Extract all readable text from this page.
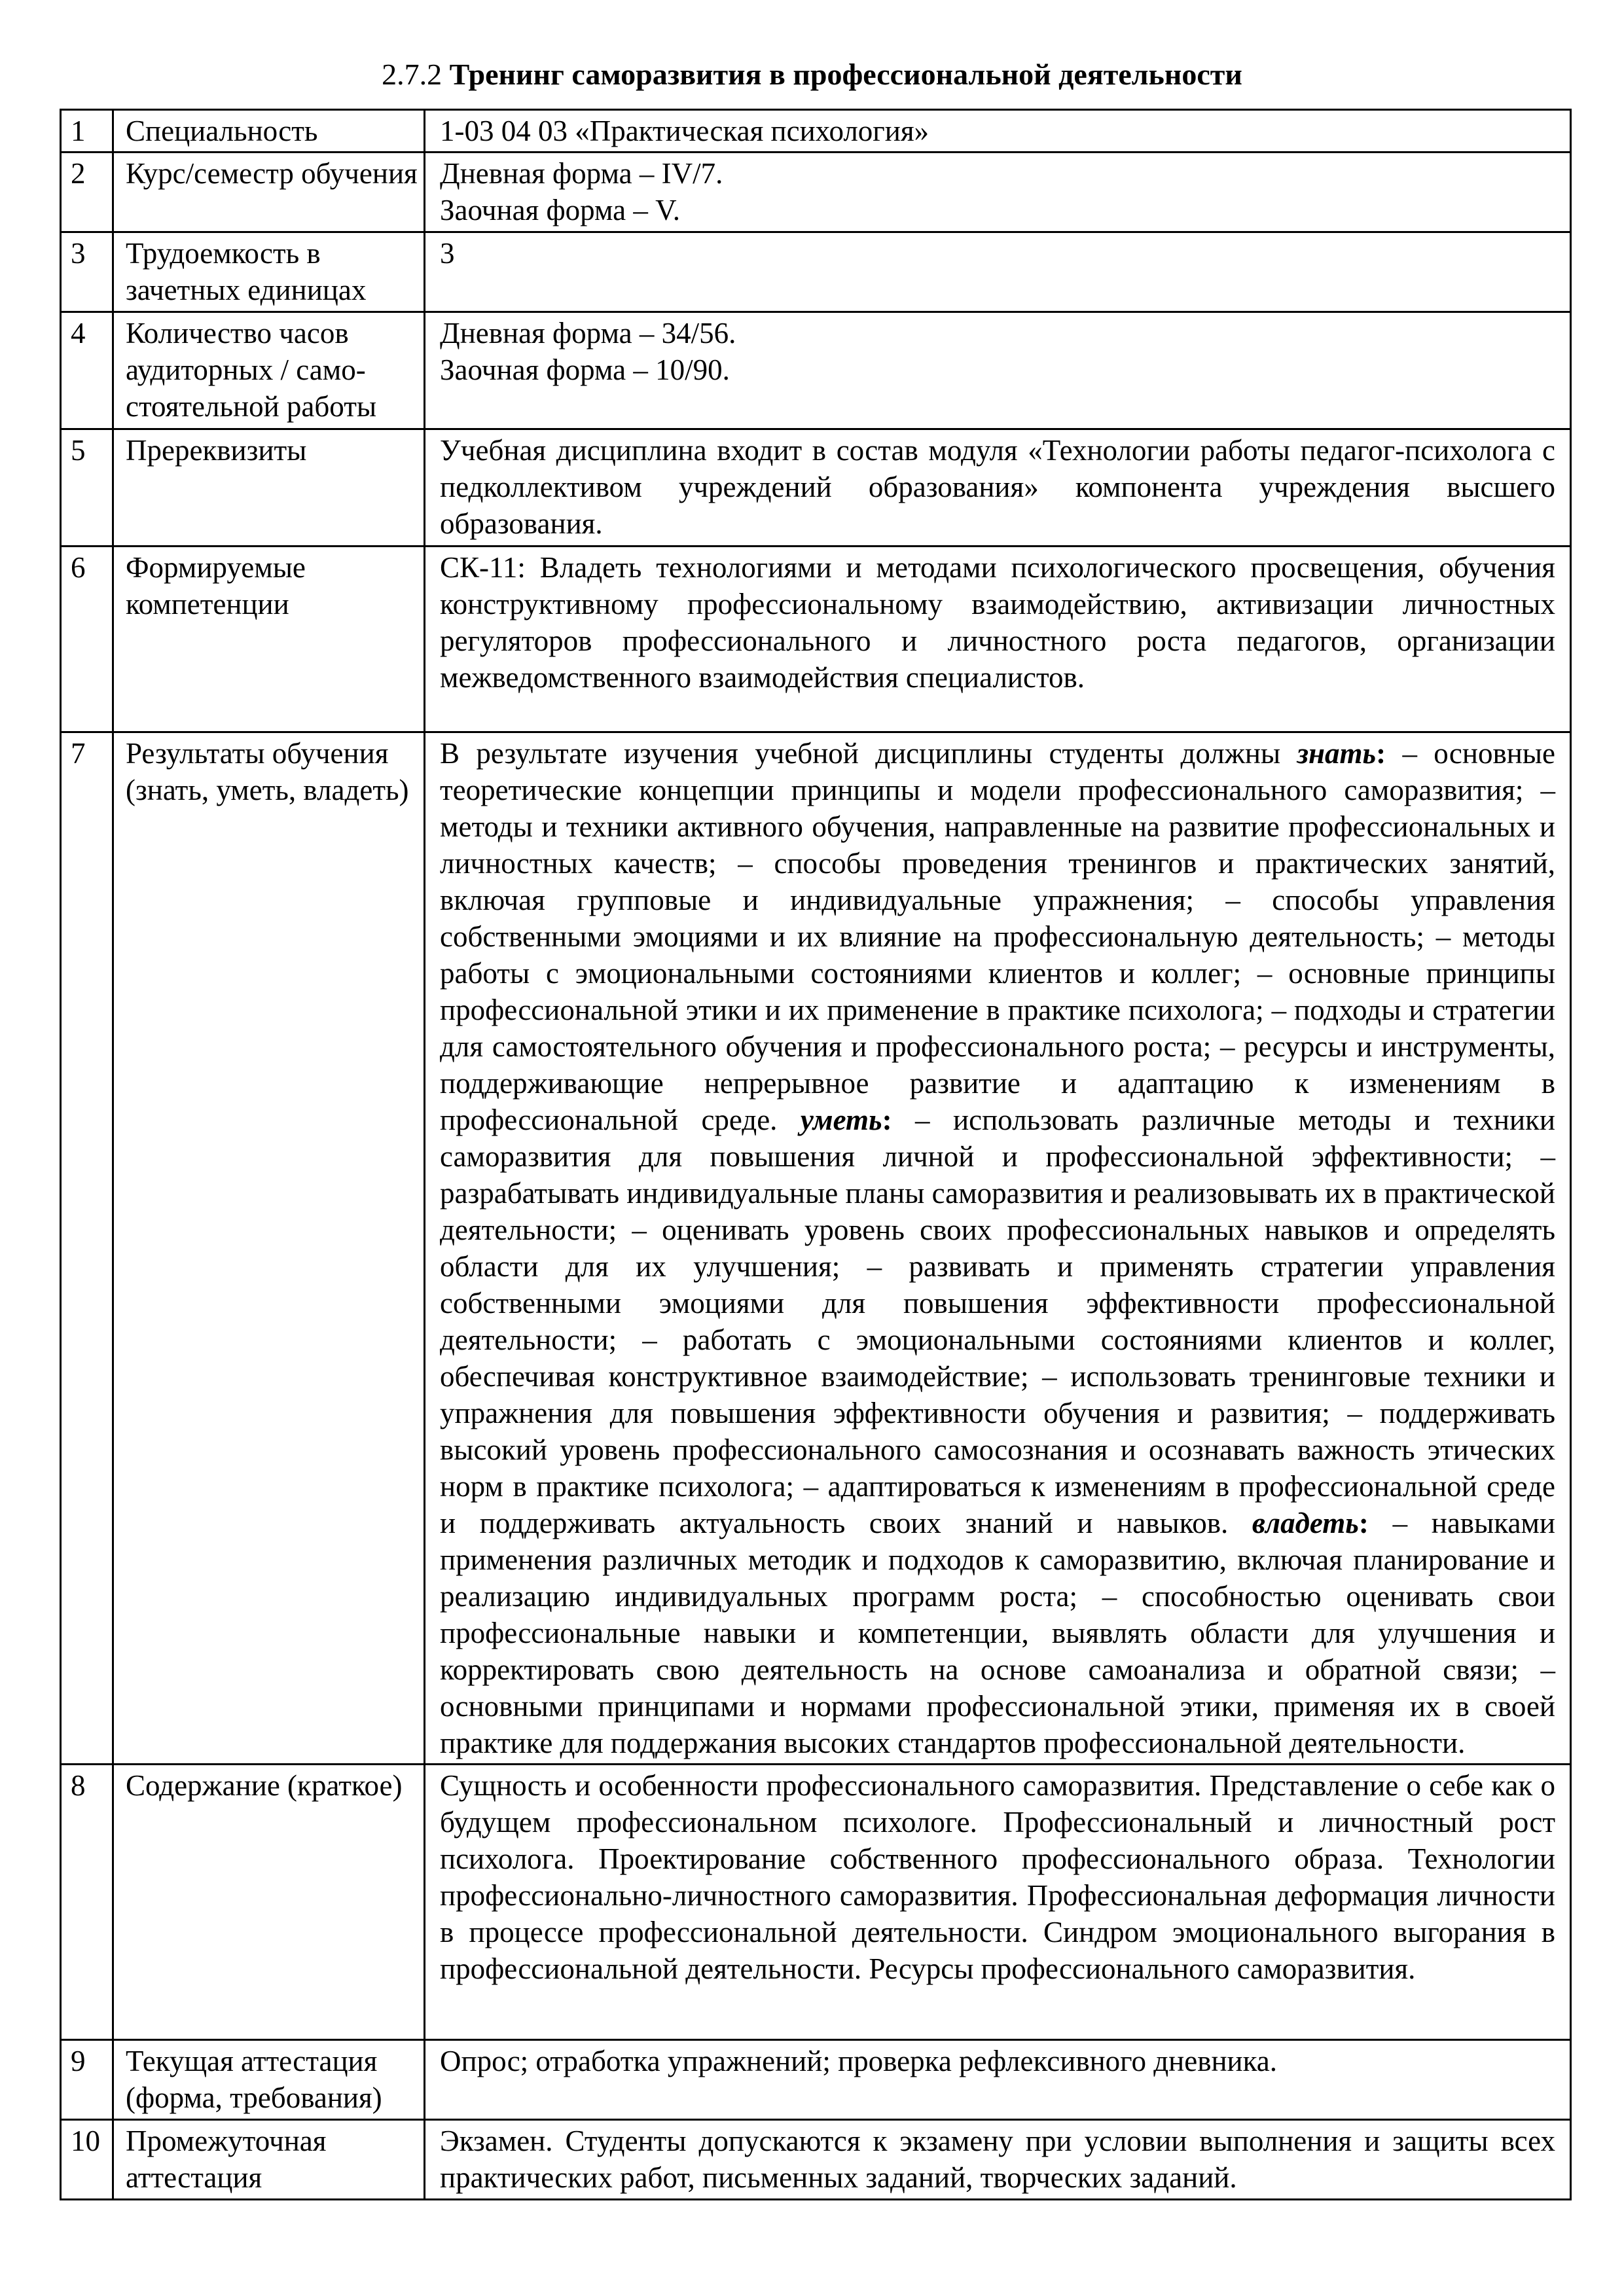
2.7.2 Тренинг саморазвития в профессиональной деятельности
1	Специальность	1-03 04 03 «Практическая психология»

2	Курс/семестр обучения	Дневная форма – IV/7.
Заочная форма – V.

3	Трудоемкость в зачетных единицах	3

4	Количество часов аудиторных / само-стоятельной работы	Дневная форма – 34/56.
Заочная форма – 10/90.

5	Пререквизиты	Учебная дисциплина входит в состав модуля «Технологии работы педагог-психолога с педколлективом учреждений образования» компонента учреждения высшего образования.
6	Формируемые компетенции	СК-11: Владеть технологиями и методами психологического просвещения, обучения конструктивному профессиональному взаимодействию, активизации личностных регуляторов профессионального и личностного роста педагогов, организации межведомственного взаимодействия специалистов.
7	Результаты обучения (знать, уметь, владеть)	В результате изучения учебной дисциплины студенты должны знать: – основные теоретические концепции принципы и модели профессионального саморазвития; – методы и техники активного обучения, направленные на развитие профессиональных и личностных качеств; – способы проведения тренингов и практических занятий, включая групповые и индивидуальные упражнения; – способы управления собственными эмоциями и их влияние на профессиональную деятельность; – методы работы с эмоциональными состояниями клиентов и коллег; – основные принципы профессиональной этики и их применение в практике психолога; – подходы и стратегии для самостоятельного обучения и профессионального роста; – ресурсы и инструменты, поддерживающие непрерывное развитие и адаптацию к изменениям в профессиональной среде. уметь: – использовать различные методы и техники саморазвития для повышения личной и профессиональной эффективности; – разрабатывать индивидуальные планы саморазвития и реализовывать их в практической деятельности; – оценивать уровень своих профессиональных навыков и определять области для их улучшения; – развивать и применять стратегии управления собственными эмоциями для повышения эффективности профессиональной деятельности; – работать с эмоциональными состояниями клиентов и коллег, обеспечивая конструктивное взаимодействие; – использовать тренинговые техники и упражнения для повышения эффективности обучения и развития; – поддерживать высокий уровень профессионального самосознания и осознавать важность этических норм в практике психолога; – адаптироваться к изменениям в профессиональной среде и поддерживать актуальность своих знаний и навыков. владеть: – навыками применения различных методик и подходов к саморазвитию, включая планирование и реализацию индивидуальных программ роста; – способностью оценивать свои профессиональные навыки и компетенции, выявлять области для улучшения и корректировать свою деятельность на основе самоанализа и обратной связи; – основными принципами и нормами профессиональной этики, применяя их в своей практике для поддержания высоких стандартов профессиональной деятельности.
8	Содержание (краткое)	Сущность и особенности профессионального саморазвития. Представление о себе как о будущем профессиональном психологе. Профессиональный и личностный рост психолога. Проектирование собственного профессионального образа. Технологии профессионально-личностного саморазвития. Профессиональная деформация личности в процессе профессиональной деятельности. Синдром эмоционального выгорания в профессиональной деятельности. Ресурсы профессионального саморазвития.
9	Текущая аттестация (форма, требования)	Опрос; отработка упражнений; проверка рефлексивного дневника.
10	Промежуточная аттестация	Экзамен. Студенты допускаются к экзамену при условии выполнения и защиты всех практических работ, письменных заданий, творческих заданий.
